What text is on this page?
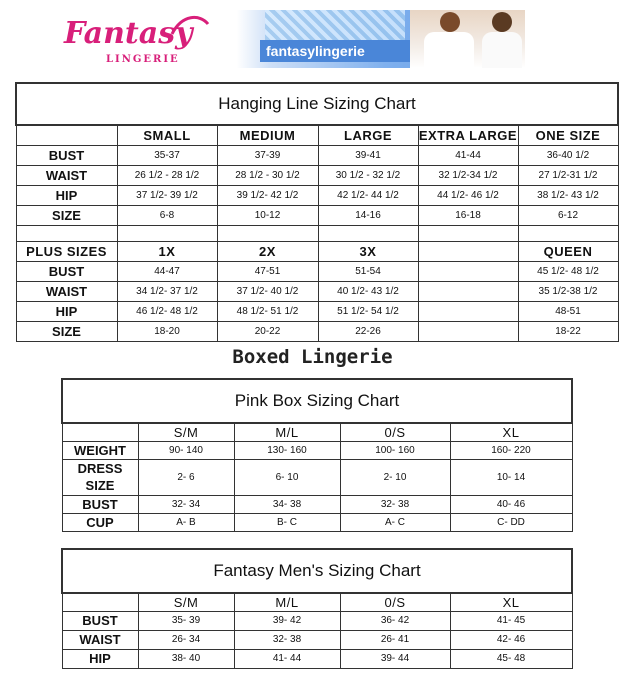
Fantasy
LINGERIE
fantasylingerie
Hanging Line Sizing Chart					
	SMALL	MEDIUM	LARGE	EXTRA LARGE	ONE SIZE
BUST	35-37	37-39	39-41	41-44	36-40 1/2
WAIST	26 1/2 - 28 1/2	28 1/2 - 30 1/2	30 1/2 - 32 1/2	32 1/2-34 1/2	27 1/2-31 1/2
HIP	37 1/2- 39 1/2	39 1/2- 42 1/2	42 1/2- 44 1/2	44 1/2- 46 1/2	38 1/2- 43 1/2
SIZE	6-8	10-12	14-16	16-18	6-12

PLUS SIZES	1X	2X	3X		QUEEN
BUST	44-47	47-51	51-54		45 1/2- 48 1/2
WAIST	34 1/2- 37 1/2	37 1/2- 40 1/2	40 1/2- 43 1/2		35 1/2-38 1/2
HIP	46 1/2- 48 1/2	48 1/2- 51 1/2	51 1/2- 54 1/2		48-51
SIZE	18-20	20-22	22-26		18-22
Boxed Lingerie
Pink Box Sizing Chart				
	S/M	M/L	0/S	XL
WEIGHT	90- 140	130- 160	100- 160	160- 220
DRESS SIZE	2- 6	6- 10	2- 10	10- 14
BUST	32- 34	34- 38	32- 38	40- 46
CUP	A- B	B- C	A- C	C- DD
Fantasy Men's Sizing Chart				
	S/M	M/L	0/S	XL
BUST	35- 39	39- 42	36- 42	41- 45
WAIST	26- 34	32- 38	26- 41	42- 46
HIP	38- 40	41- 44	39- 44	45- 48
